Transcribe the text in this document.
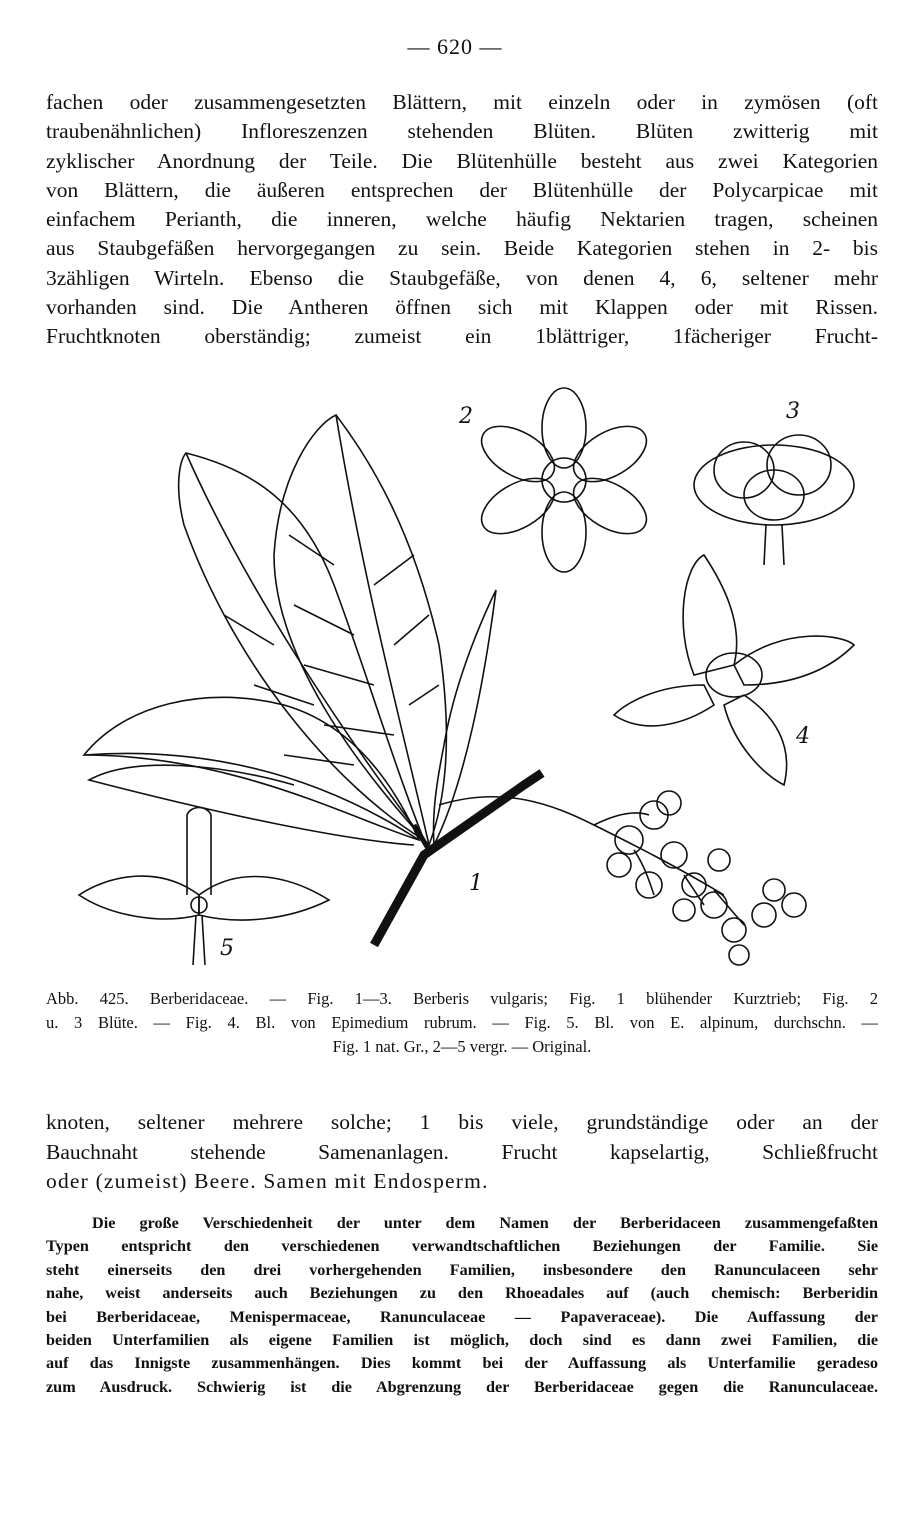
— 620 —

fachen oder zusammengesetzten Blättern, mit einzeln oder in zymösen (oft
traubenähnlichen) Infloreszenzen stehenden Blüten. Blüten zwitterig mit
zyklischer Anordnung der Teile. Die Blütenhülle besteht aus zwei Kategorien
von Blättern, die äußeren entsprechen der Blütenhülle der Polycarpicae mit
einfachem Perianth, die inneren, welche häufig Nektarien tragen, scheinen
aus Staubgefäßen hervorgegangen zu sein. Beide Kategorien stehen in 2- bis
3zähligen Wirteln. Ebenso die Staubgefäße, von denen 4, 6, seltener mehr
vorhanden sind. Die Antheren öffnen sich mit Klappen oder mit Rissen.
Fruchtknoten oberständig; zumeist ein 1blättriger, 1fächeriger Frucht-

1
2	3
4
5

Abb. 425. Berberidaceae. — Fig. 1—3. Berberis vulgaris; Fig. 1 blühender Kurztrieb; Fig. 2
u. 3 Blüte. — Fig. 4. Bl. von Epimedium rubrum. — Fig. 5. Bl. von E. alpinum, durchschn. —
Fig. 1 nat. Gr., 2—5 vergr. — Original.

knoten, seltener mehrere solche; 1 bis viele, grundständige oder an der
Bauchnaht stehende Samenanlagen. Frucht kapselartig, Schließfrucht
oder (zumeist) Beere. Samen mit Endosperm.

Die große Verschiedenheit der unter dem Namen der Berberidaceen zusammengefaßten
Typen entspricht den verschiedenen verwandtschaftlichen Beziehungen der Familie. Sie
steht einerseits den drei vorhergehenden Familien, insbesondere den Ranunculaceen sehr
nahe, weist anderseits auch Beziehungen zu den Rhoeadales auf (auch chemisch: Berberidin
bei Berberidaceae, Menispermaceae, Ranunculaceae — Papaveraceae). Die Auffassung der
beiden Unterfamilien als eigene Familien ist möglich, doch sind es dann zwei Familien, die
auf das Innigste zusammenhängen. Dies kommt bei der Auffassung als Unterfamilie geradeso
zum Ausdruck. Schwierig ist die Abgrenzung der Berberidaceae gegen die Ranunculaceae.
